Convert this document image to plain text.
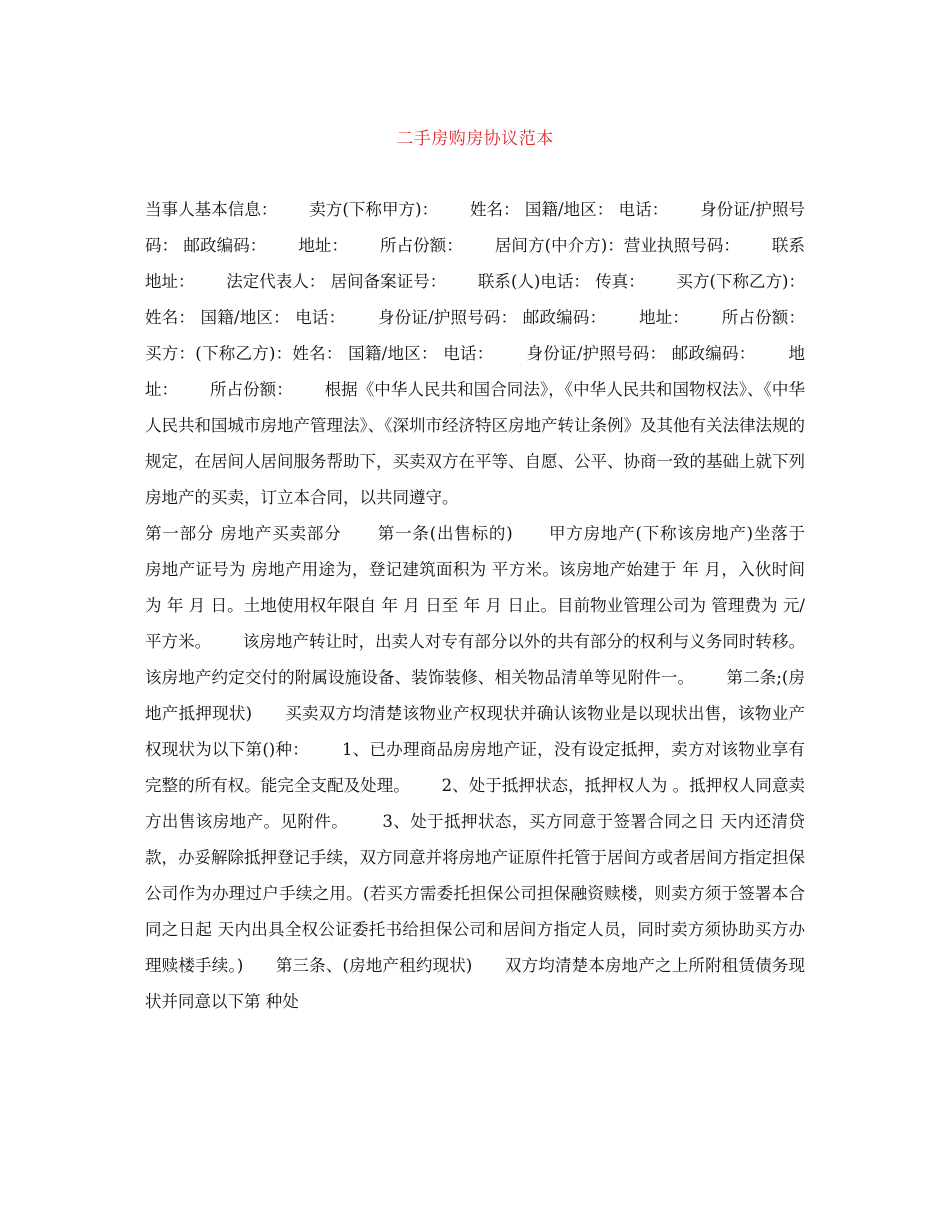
二手房购房协议范本
当事人基本信息：      卖方(下称甲方)：      姓名： 国籍/地区： 电话：      身份证/护照号码： 邮政编码：      地址：      所占份额：      居间方(中介方)：营业执照号码：      联系地址：      法定代表人： 居间备案证号：      联系(人)电话： 传真：      买方(下称乙方)：      姓名： 国籍/地区： 电话：      身份证/护照号码： 邮政编码：      地址：      所占份额：      买方：(下称乙方)：姓名： 国籍/地区： 电话：      身份证/护照号码： 邮政编码：      地址：      所占份额：      根据《中华人民共和国合同法》，《中华人民共和国物权法》、《中华人民共和国城市房地产管理法》、《深圳市经济特区房地产转让条例》及其他有关法律法规的规定，在居间人居间服务帮助下，买卖双方在平等、自愿、公平、协商一致的基础上就下列房地产的买卖，订立本合同，以共同遵守。
第一部分 房地产买卖部分      第一条(出售标的)      甲方房地产(下称该房地产)坐落于      房地产证号为 房地产用途为，登记建筑面积为 平方米。该房地产始建于 年 月，入伙时间为 年 月 日。土地使用权年限自 年 月 日至 年 月 日止。目前物业管理公司为 管理费为 元/平方米。      该房地产转让时，出卖人对专有部分以外的共有部分的权利与义务同时转移。      该房地产约定交付的附属设施设备、装饰装修、相关物品清单等见附件一。      第二条;(房地产抵押现状)      买卖双方均清楚该物业产权现状并确认该物业是以现状出售，该物业产权现状为以下第()种：      1、已办理商品房房地产证，没有设定抵押，卖方对该物业享有完整的所有权。能完全支配及处理。      2、处于抵押状态，抵押权人为 。抵押权人同意卖方出售该房地产。见附件。      3、处于抵押状态，买方同意于签署合同之日 天内还清贷款，办妥解除抵押登记手续，双方同意并将房地产证原件托管于居间方或者居间方指定担保公司作为办理过户手续之用。(若买方需委托担保公司担保融资赎楼，则卖方须于签署本合同之日起 天内出具全权公证委托书给担保公司和居间方指定人员，同时卖方须协助买方办理赎楼手续。)      第三条、(房地产租约现状)      双方均清楚本房地产之上所附租赁债务现状并同意以下第 种处
